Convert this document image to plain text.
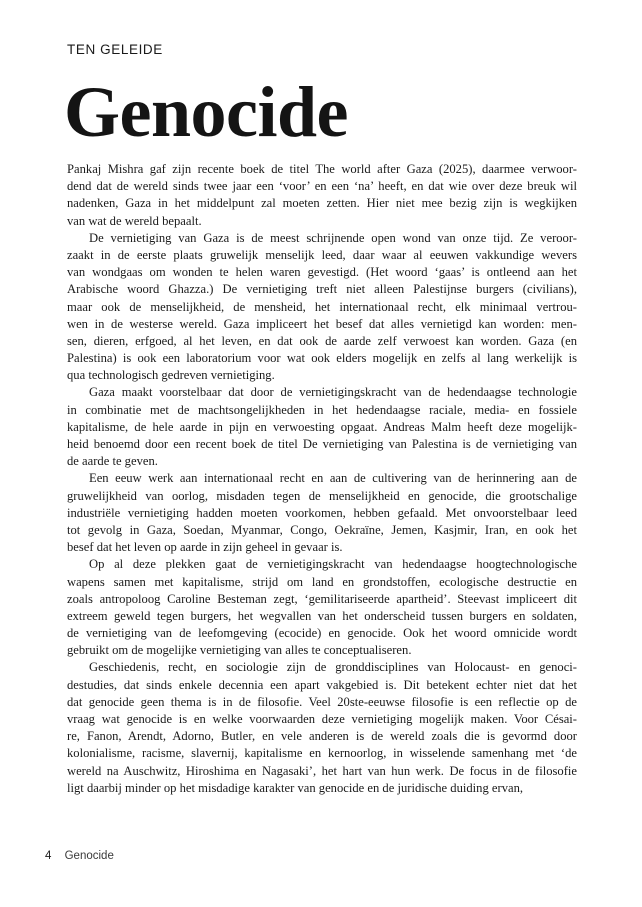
TEN GELEIDE

Genocide
Pankaj Mishra gaf zijn recente boek de titel The world after Gaza (2025), daarmee verwoor-
dend dat de wereld sinds twee jaar een ‘voor’ en een ‘na’ heeft, en dat wie over deze breuk wil
nadenken, Gaza in het middelpunt zal moeten zetten. Hier niet mee bezig zijn is wegkijken
van wat de wereld bepaalt.
De vernietiging van Gaza is de meest schrijnende open wond van onze tijd. Ze veroor-
zaakt in de eerste plaats gruwelijk menselijk leed, daar waar al eeuwen vakkundige wevers
van wondgaas om wonden te helen waren gevestigd. (Het woord ‘gaas’ is ontleend aan het
Arabische woord Ghazza.) De vernietiging treft niet alleen Palestijnse burgers (civilians),
maar ook de menselijkheid, de mensheid, het internationaal recht, elk minimaal vertrou-
wen in de westerse wereld. Gaza impliceert het besef dat alles vernietigd kan worden: men-
sen, dieren, erfgoed, al het leven, en dat ook de aarde zelf verwoest kan worden. Gaza (en
Palestina) is ook een laboratorium voor wat ook elders mogelijk en zelfs al lang werkelijk is
qua technologisch gedreven vernietiging.
Gaza maakt voorstelbaar dat door de vernietigingskracht van de hedendaagse technologie
in combinatie met de machtsongelijkheden in het hedendaagse raciale, media- en fossiele
kapitalisme, de hele aarde in pijn en verwoesting opgaat. Andreas Malm heeft deze mogelijk-
heid benoemd door een recent boek de titel De vernietiging van Palestina is de vernietiging van
de aarde te geven.
Een eeuw werk aan internationaal recht en aan de cultivering van de herinnering aan de
gruwelijkheid van oorlog, misdaden tegen de menselijkheid en genocide, die grootschalige
industriële vernietiging hadden moeten voorkomen, hebben gefaald. Met onvoorstelbaar leed
tot gevolg in Gaza, Soedan, Myanmar, Congo, Oekraïne, Jemen, Kasjmir, Iran, en ook het
besef dat het leven op aarde in zijn geheel in gevaar is.
Op al deze plekken gaat de vernietigingskracht van hedendaagse hoogtechnologische
wapens samen met kapitalisme, strijd om land en grondstoffen, ecologische destructie en
zoals antropoloog Caroline Besteman zegt, ‘gemilitariseerde apartheid’. Steevast impliceert dit
extreem geweld tegen burgers, het wegvallen van het onderscheid tussen burgers en soldaten,
de vernietiging van de leefomgeving (ecocide) en genocide. Ook het woord omnicide wordt
gebruikt om de mogelijke vernietiging van alles te conceptualiseren.
Geschiedenis, recht, en sociologie zijn de gronddisciplines van Holocaust- en genoci-
destudies, dat sinds enkele decennia een apart vakgebied is. Dit betekent echter niet dat het
dat genocide geen thema is in de filosofie. Veel 20ste-eeuwse filosofie is een reflectie op de
vraag wat genocide is en welke voorwaarden deze vernietiging mogelijk maken. Voor Césai-
re, Fanon, Arendt, Adorno, Butler, en vele anderen is de wereld zoals die is gevormd door
kolonialisme, racisme, slavernij, kapitalisme en kernoorlog, in wisselende samenhang met ‘de
wereld na Auschwitz, Hiroshima en Nagasaki’, het hart van hun werk. De focus in de filosofie
ligt daarbij minder op het misdadige karakter van genocide en de juridische duiding ervan,
4 Genocide
